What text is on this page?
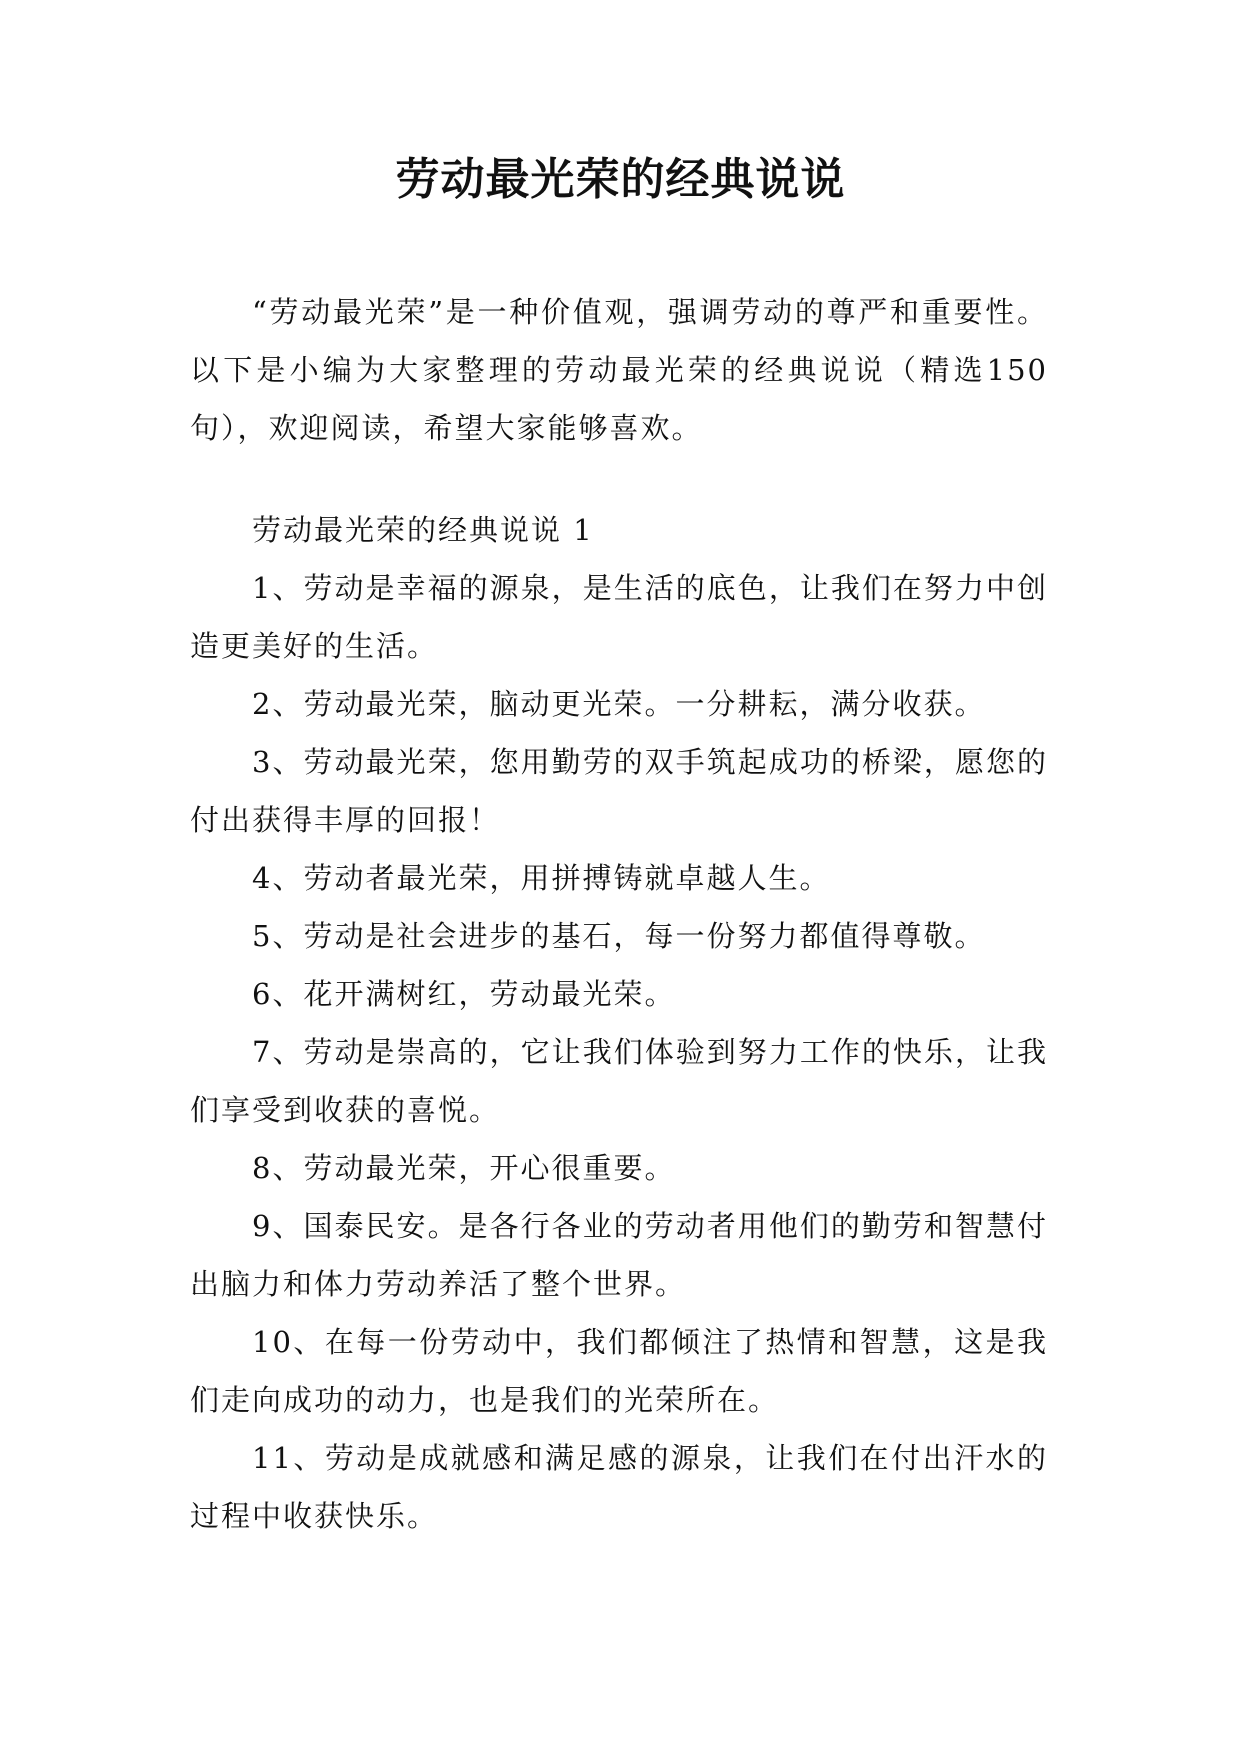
劳动最光荣的经典说说

“劳动最光荣”是一种价值观，强调劳动的尊严和重要性。以下是小编为大家整理的劳动最光荣的经典说说（精选150句），欢迎阅读，希望大家能够喜欢。

劳动最光荣的经典说说 1

1、劳动是幸福的源泉，是生活的底色，让我们在努力中创造更美好的生活。

2、劳动最光荣，脑动更光荣。一分耕耘，满分收获。

3、劳动最光荣，您用勤劳的双手筑起成功的桥梁，愿您的付出获得丰厚的回报！

4、劳动者最光荣，用拼搏铸就卓越人生。

5、劳动是社会进步的基石，每一份努力都值得尊敬。

6、花开满树红，劳动最光荣。

7、劳动是崇高的，它让我们体验到努力工作的快乐，让我们享受到收获的喜悦。

8、劳动最光荣，开心很重要。

9、国泰民安。是各行各业的劳动者用他们的勤劳和智慧付出脑力和体力劳动养活了整个世界。

10、在每一份劳动中，我们都倾注了热情和智慧，这是我们走向成功的动力，也是我们的光荣所在。

11、劳动是成就感和满足感的源泉，让我们在付出汗水的过程中收获快乐。
